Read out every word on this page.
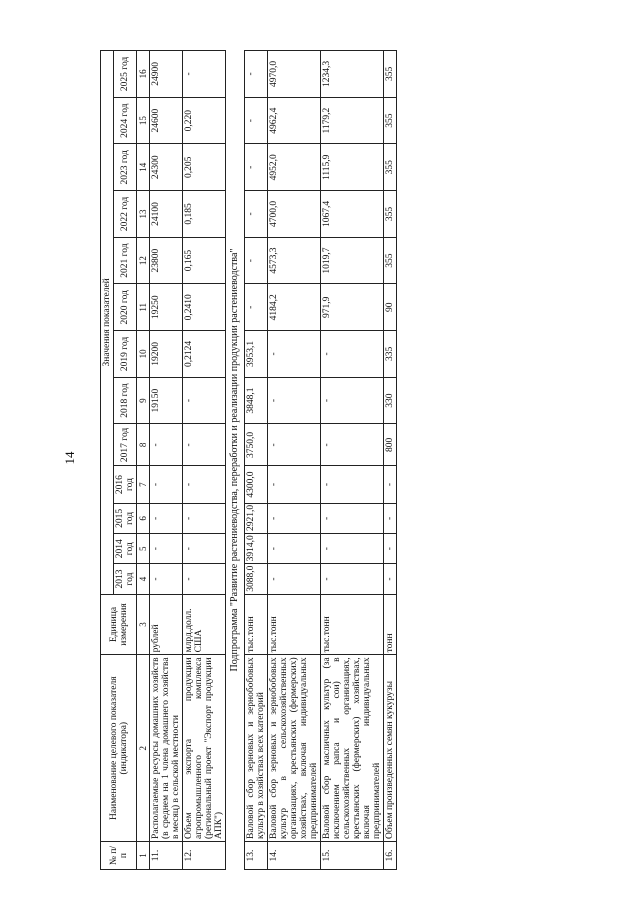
14
№ п/п	Наименование целевого показателя (индикатора)	Единица измерения	Значения показателей												
			2013 год	2014 год	2015 год	2016 год	2017 год	2018 год	2019 год	2020 год	2021 год	2022 год	2023 год	2024 год	2025 год
1	2	3	4	5	6	7	8	9	10	11	12	13	14	15	16
11.	Располагаемые ресурсы домашних хозяйств (в среднем на 1 члена домашнего хозяйства в месяц) в сельской местности	рублей	-	-	-	-	-	19150	19200	19250	23800	24100	24300	24600	24900
12.	Объем экспорта продукции агропромышленного комплекса (региональный проект "Экспорт продукции АПК")	млрд.долл. США	-	-	-	-	-	-	0,2124	0,2410	0,165	0,185	0,205	0,220	-
Подпрограмма "Развитие растениеводства, переработки и реализации продукции растениеводства"															
13.	Валовой сбор зерновых и зернобобовых культур в хозяйствах всех категорий	тыс.тонн	3088,0	3914,0	2921,0	4300,0	3750,0	3848,1	3953,1	-	-	-	-	-	-
14.	Валовой сбор зерновых и зернобобовых культур в сельскохозяйственных организациях, крестьянских (фермерских) хозяйствах, включая индивидуальных предпринимателей	тыс.тонн	-	-	-	-	-	-	-	4184,2	4573,3	4700,0	4952,0	4962,4	4970,0
15.	Валовой сбор масличных культур (за исключением рапса и сои) в сельскохозяйственных организациях, крестьянских (фермерских) хозяйствах, включая индивидуальных предпринимателей	тыс.тонн	-	-	-	-	-	-	-	971,9	1019,7	1067,4	1115,9	1179,2	1234,3
16.	Объем произведенных семян кукурузы	тонн	-	-	-	-	800	330	335	90	355	355	355	355	355
